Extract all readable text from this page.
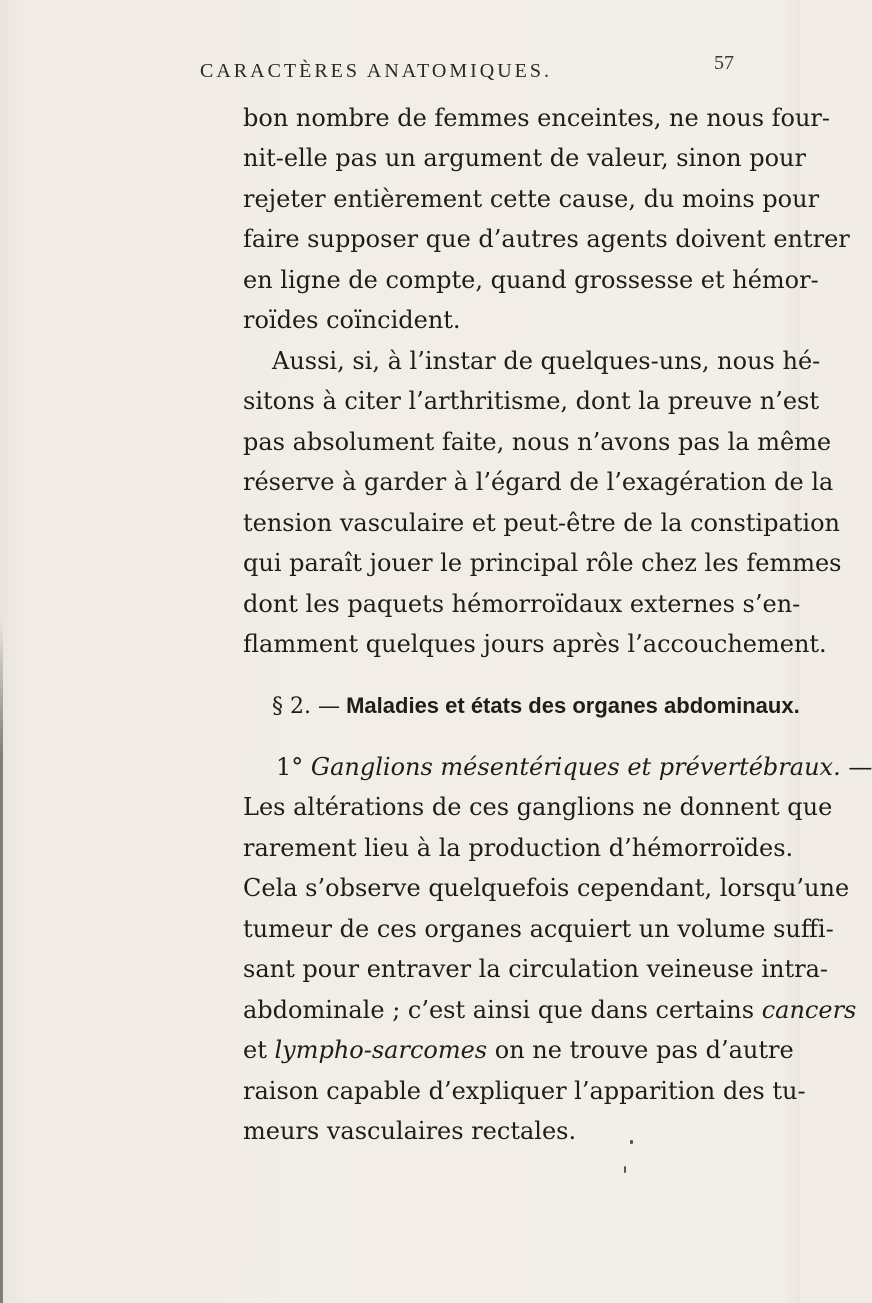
CARACTÈRES ANATOMIQUES.	57
bon nombre de femmes enceintes, ne nous four-
nit-elle pas un argument de valeur, sinon pour
rejeter entièrement cette cause, du moins pour
faire supposer que d’autres agents doivent entrer
en ligne de compte, quand grossesse et hémor-
roïdes coïncident.
Aussi, si, à l’instar de quelques-uns, nous hé-
sitons à citer l’arthritisme, dont la preuve n’est
pas absolument faite, nous n’avons pas la même
réserve à garder à l’égard de l’exagération de la
tension vasculaire et peut-être de la constipation
qui paraît jouer le principal rôle chez les femmes
dont les paquets hémorroïdaux externes s’en-
flamment quelques jours après l’accouchement.
§ 2. — Maladies et états des organes abdominaux.
1° Ganglions mésentériques et prévertébraux. —
Les altérations de ces ganglions ne donnent que
rarement lieu à la production d’hémorroïdes.
Cela s’observe quelquefois cependant, lorsqu’une
tumeur de ces organes acquiert un volume suffi-
sant pour entraver la circulation veineuse intra-
abdominale ; c’est ainsi que dans certains cancers
et lympho-sarcomes on ne trouve pas d’autre
raison capable d’expliquer l’apparition des tu-
meurs vasculaires rectales.
